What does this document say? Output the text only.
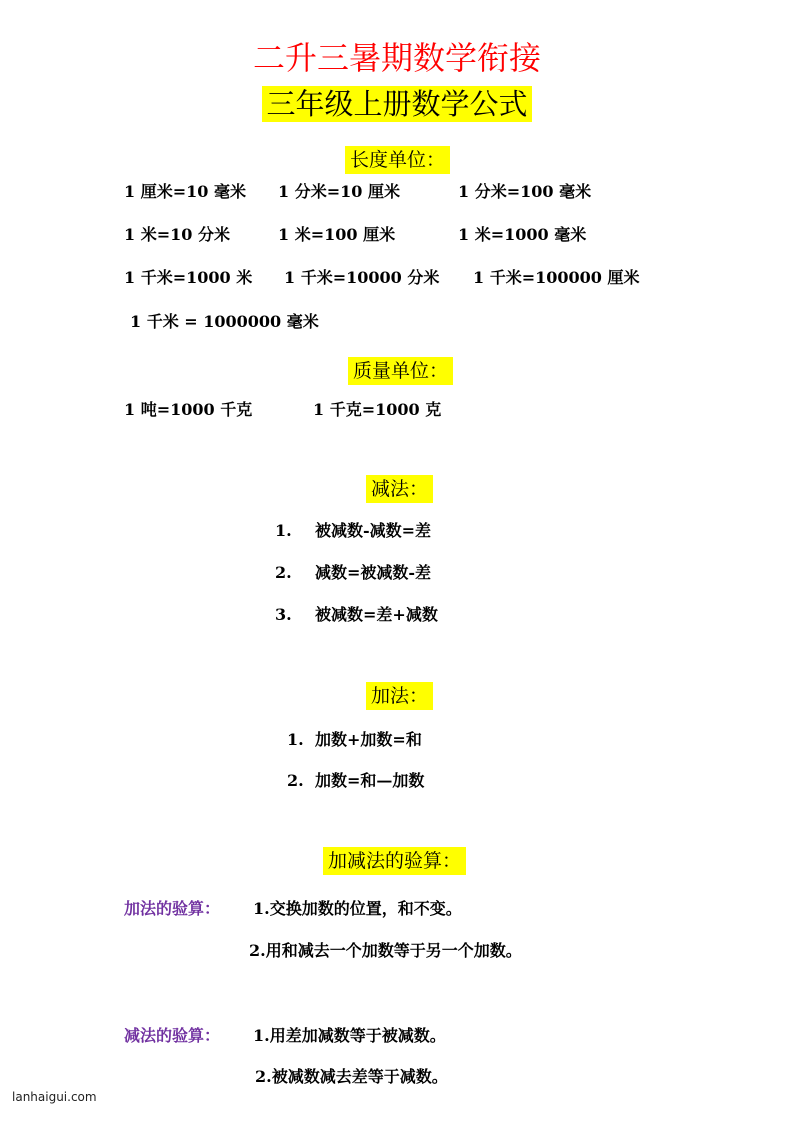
二升三暑期数学衔接
三年级上册数学公式
长度单位：
1 厘米=10 毫米 1 分米=10 厘米	1 分米=100 毫米
1 米=10 分米	1 米=100 厘米	1 米=1000 毫米
1 千米=1000 米 1 千米=10000 分米 1 千米=100000 厘米
1 千米 = 1000000 毫米
质量单位：
1 吨=1000 千克	1 千克=1000 克
减法：
1. 被减数-减数=差
2. 减数=被减数-差
3. 被减数=差+减数
加法：
1. 加数+加数=和
2. 加数=和—加数
加减法的验算：
加法的验算： 1.交换加数的位置，和不变。
2.用和减去一个加数等于另一个加数。
减法的验算： 1.用差加减数等于被减数。
2.被减数减去差等于减数。
lanhaigui.com
